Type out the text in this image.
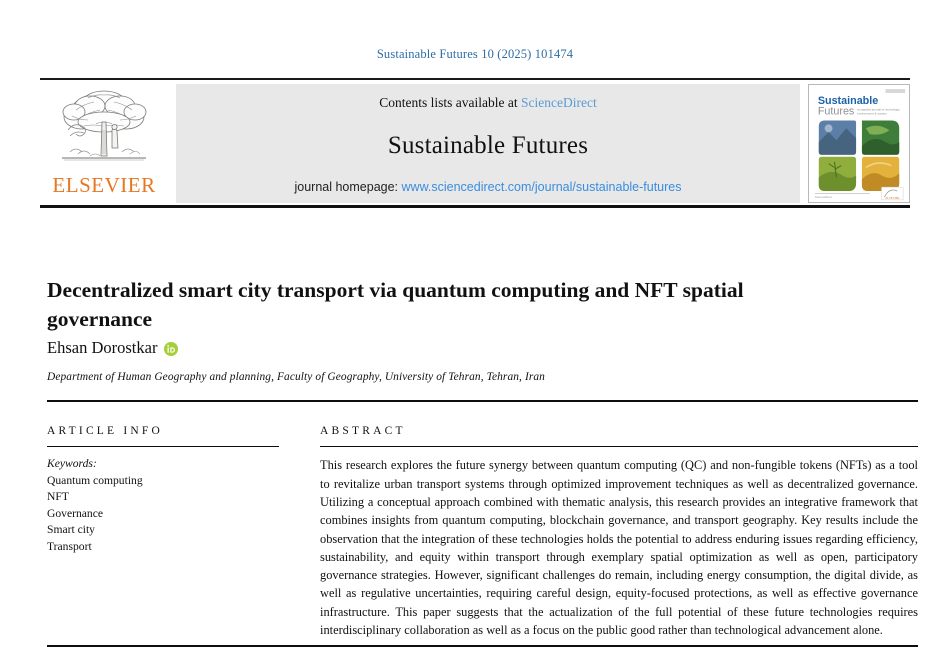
Sustainable Futures 10 (2025) 101474
ELSEVIER
Contents lists available at ScienceDirect
Sustainable Futures
journal homepage: www.sciencedirect.com/journal/sustainable-futures
Sustainable
Futures an applied journal of technology,
environment & society
ScienceDirect	ELSEVIER
Decentralized smart city transport via quantum computing and NFT spatial governance
Ehsan Dorostkar
Department of Human Geography and planning, Faculty of Geography, University of Tehran, Tehran, Iran
ARTICLE INFO
Keywords:
Quantum computing
NFT
Governance
Smart city
Transport
ABSTRACT

This research explores the future synergy between quantum computing (QC) and non-fungible tokens (NFTs) as a tool to revitalize urban transport systems through optimized improvement techniques as well as decentralized governance. Utilizing a conceptual approach combined with thematic analysis, this research provides an integrative framework that combines insights from quantum computing, blockchain governance, and transport geography. Key results include the observation that the integration of these technologies holds the potential to address enduring issues regarding efficiency, sustainability, and equity within transport through exemplary spatial optimization as well as open, participatory governance strategies. However, significant challenges do remain, including energy consumption, the digital divide, as well as regulative uncertainties, requiring careful design, equity-focused protections, as well as effective governance infrastructure. This paper suggests that the actualization of the full potential of these future technologies requires interdisciplinary collaboration as well as a focus on the public good rather than technological advancement alone.
